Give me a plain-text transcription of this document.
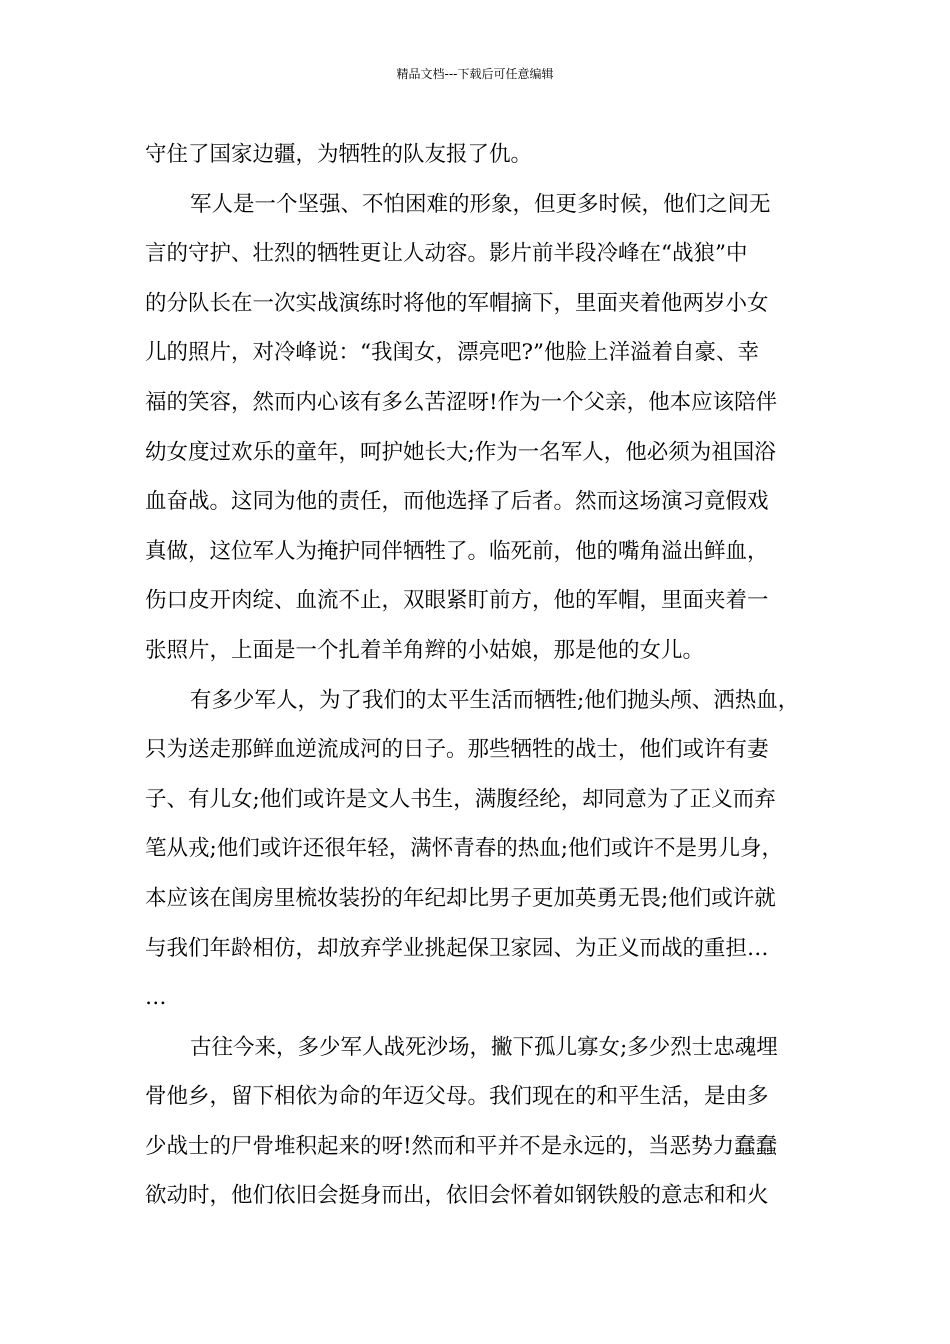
精品文档---下载后可任意编辑
守住了国家边疆，为牺牲的队友报了仇。
军人是一个坚强、不怕困难的形象，但更多时候，他们之间无
言的守护、壮烈的牺牲更让人动容。影片前半段冷峰在“战狼”中
的分队长在一次实战演练时将他的军帽摘下，里面夹着他两岁小女
儿的照片，对冷峰说：“我闺女，漂亮吧?”他脸上洋溢着自豪、幸
福的笑容，然而内心该有多么苦涩呀!作为一个父亲，他本应该陪伴
幼女度过欢乐的童年，呵护她长大;作为一名军人，他必须为祖国浴
血奋战。这同为他的责任，而他选择了后者。然而这场演习竟假戏
真做，这位军人为掩护同伴牺牲了。临死前，他的嘴角溢出鲜血，
伤口皮开肉绽、血流不止，双眼紧盯前方，他的军帽，里面夹着一
张照片，上面是一个扎着羊角辫的小姑娘，那是他的女儿。
有多少军人，为了我们的太平生活而牺牲;他们抛头颅、洒热血，
只为送走那鲜血逆流成河的日子。那些牺牲的战士，他们或许有妻
子、有儿女;他们或许是文人书生，满腹经纶，却同意为了正义而弃
笔从戎;他们或许还很年轻，满怀青春的热血;他们或许不是男儿身，
本应该在闺房里梳妆装扮的年纪却比男子更加英勇无畏;他们或许就
与我们年龄相仿，却放弃学业挑起保卫家园、为正义而战的重担…
…
古往今来，多少军人战死沙场，撇下孤儿寡女;多少烈士忠魂埋
骨他乡，留下相依为命的年迈父母。我们现在的和平生活，是由多
少战士的尸骨堆积起来的呀!然而和平并不是永远的，当恶势力蠢蠢
欲动时，他们依旧会挺身而出，依旧会怀着如钢铁般的意志和和火
